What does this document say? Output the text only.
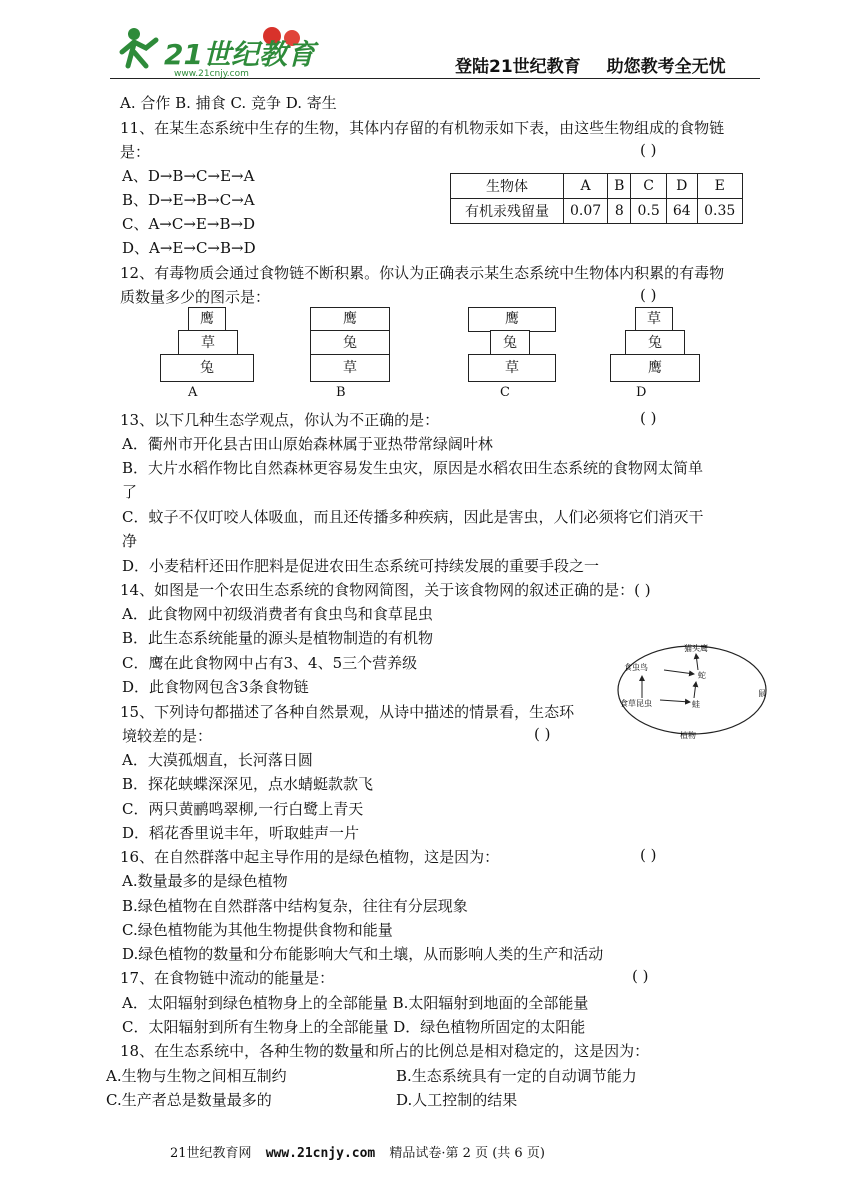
21世纪教育
www.21cnjy.com	登陆21世纪教育 助您教考全无忧
A. 合作 B. 捕食 C. 竞争 D. 寄生
11、在某生态系统中生存的生物，其体内存留的有机物汞如下表，由这些生物组成的食物链
是：	( )
A、D→B→C→E→A
B、D→E→B→C→A
C、A→C→E→B→D
D、A→E→C→B→D
生物体	A	B	C	D	E
有机汞残留量	0.07	8	0.5	64	0.35
12、有毒物质会通过食物链不断积累。你认为正确表示某生态系统中生物体内积累的有毒物
质数量多少的图示是：	( )
鹰
草
兔
A
鹰
兔
草
B
鹰
兔
草
C
草
兔
鹰
D
13、以下几种生态学观点，你认为不正确的是：	( )
A．衢州市开化县古田山原始森林属于亚热带常绿阔叶林
B．大片水稻作物比自然森林更容易发生虫灾，原因是水稻农田生态系统的食物网太简单
了
C．蚊子不仅叮咬人体吸血，而且还传播多种疾病，因此是害虫，人们必须将它们消灭干
净
D．小麦秸杆还田作肥料是促进农田生态系统可持续发展的重要手段之一
14、如图是一个农田生态系统的食物网简图，关于该食物网的叙述正确的是：( )
A．此食物网中初级消费者有食虫鸟和食草昆虫
B．此生态系统能量的源头是植物制造的有机物
C．鹰在此食物网中占有3、4、5三个营养级
D．此食物网包含3条食物链
猫头鹰
食虫鸟
蛇
食草昆虫	蛙
植物
鼠
15、下列诗句都描述了各种自然景观，从诗中描述的情景看，生态环
境较差的是：	( )
A．大漠孤烟直，长河落日圆
B．探花蛱蝶深深见，点水蜻蜓款款飞
C．两只黄鹂鸣翠柳,一行白鹭上青天
D．稻花香里说丰年，听取蛙声一片
16、在自然群落中起主导作用的是绿色植物，这是因为：	( )
A.数量最多的是绿色植物
B.绿色植物在自然群落中结构复杂，往往有分层现象
C.绿色植物能为其他生物提供食物和能量
D.绿色植物的数量和分布能影响大气和土壤，从而影响人类的生产和活动
17、在食物链中流动的能量是：	( )
A．太阳辐射到绿色植物身上的全部能量 B.太阳辐射到地面的全部能量
C．太阳辐射到所有生物身上的全部能量 D．绿色植物所固定的太阳能
18、在生态系统中，各种生物的数量和所占的比例总是相对稳定的，这是因为：
A.生物与生物之间相互制约	B.生态系统具有一定的自动调节能力
C.生产者总是数量最多的	D.人工控制的结果
21世纪教育网 www.21cnjy.com 精品试卷·第 2 页 (共 6 页)
